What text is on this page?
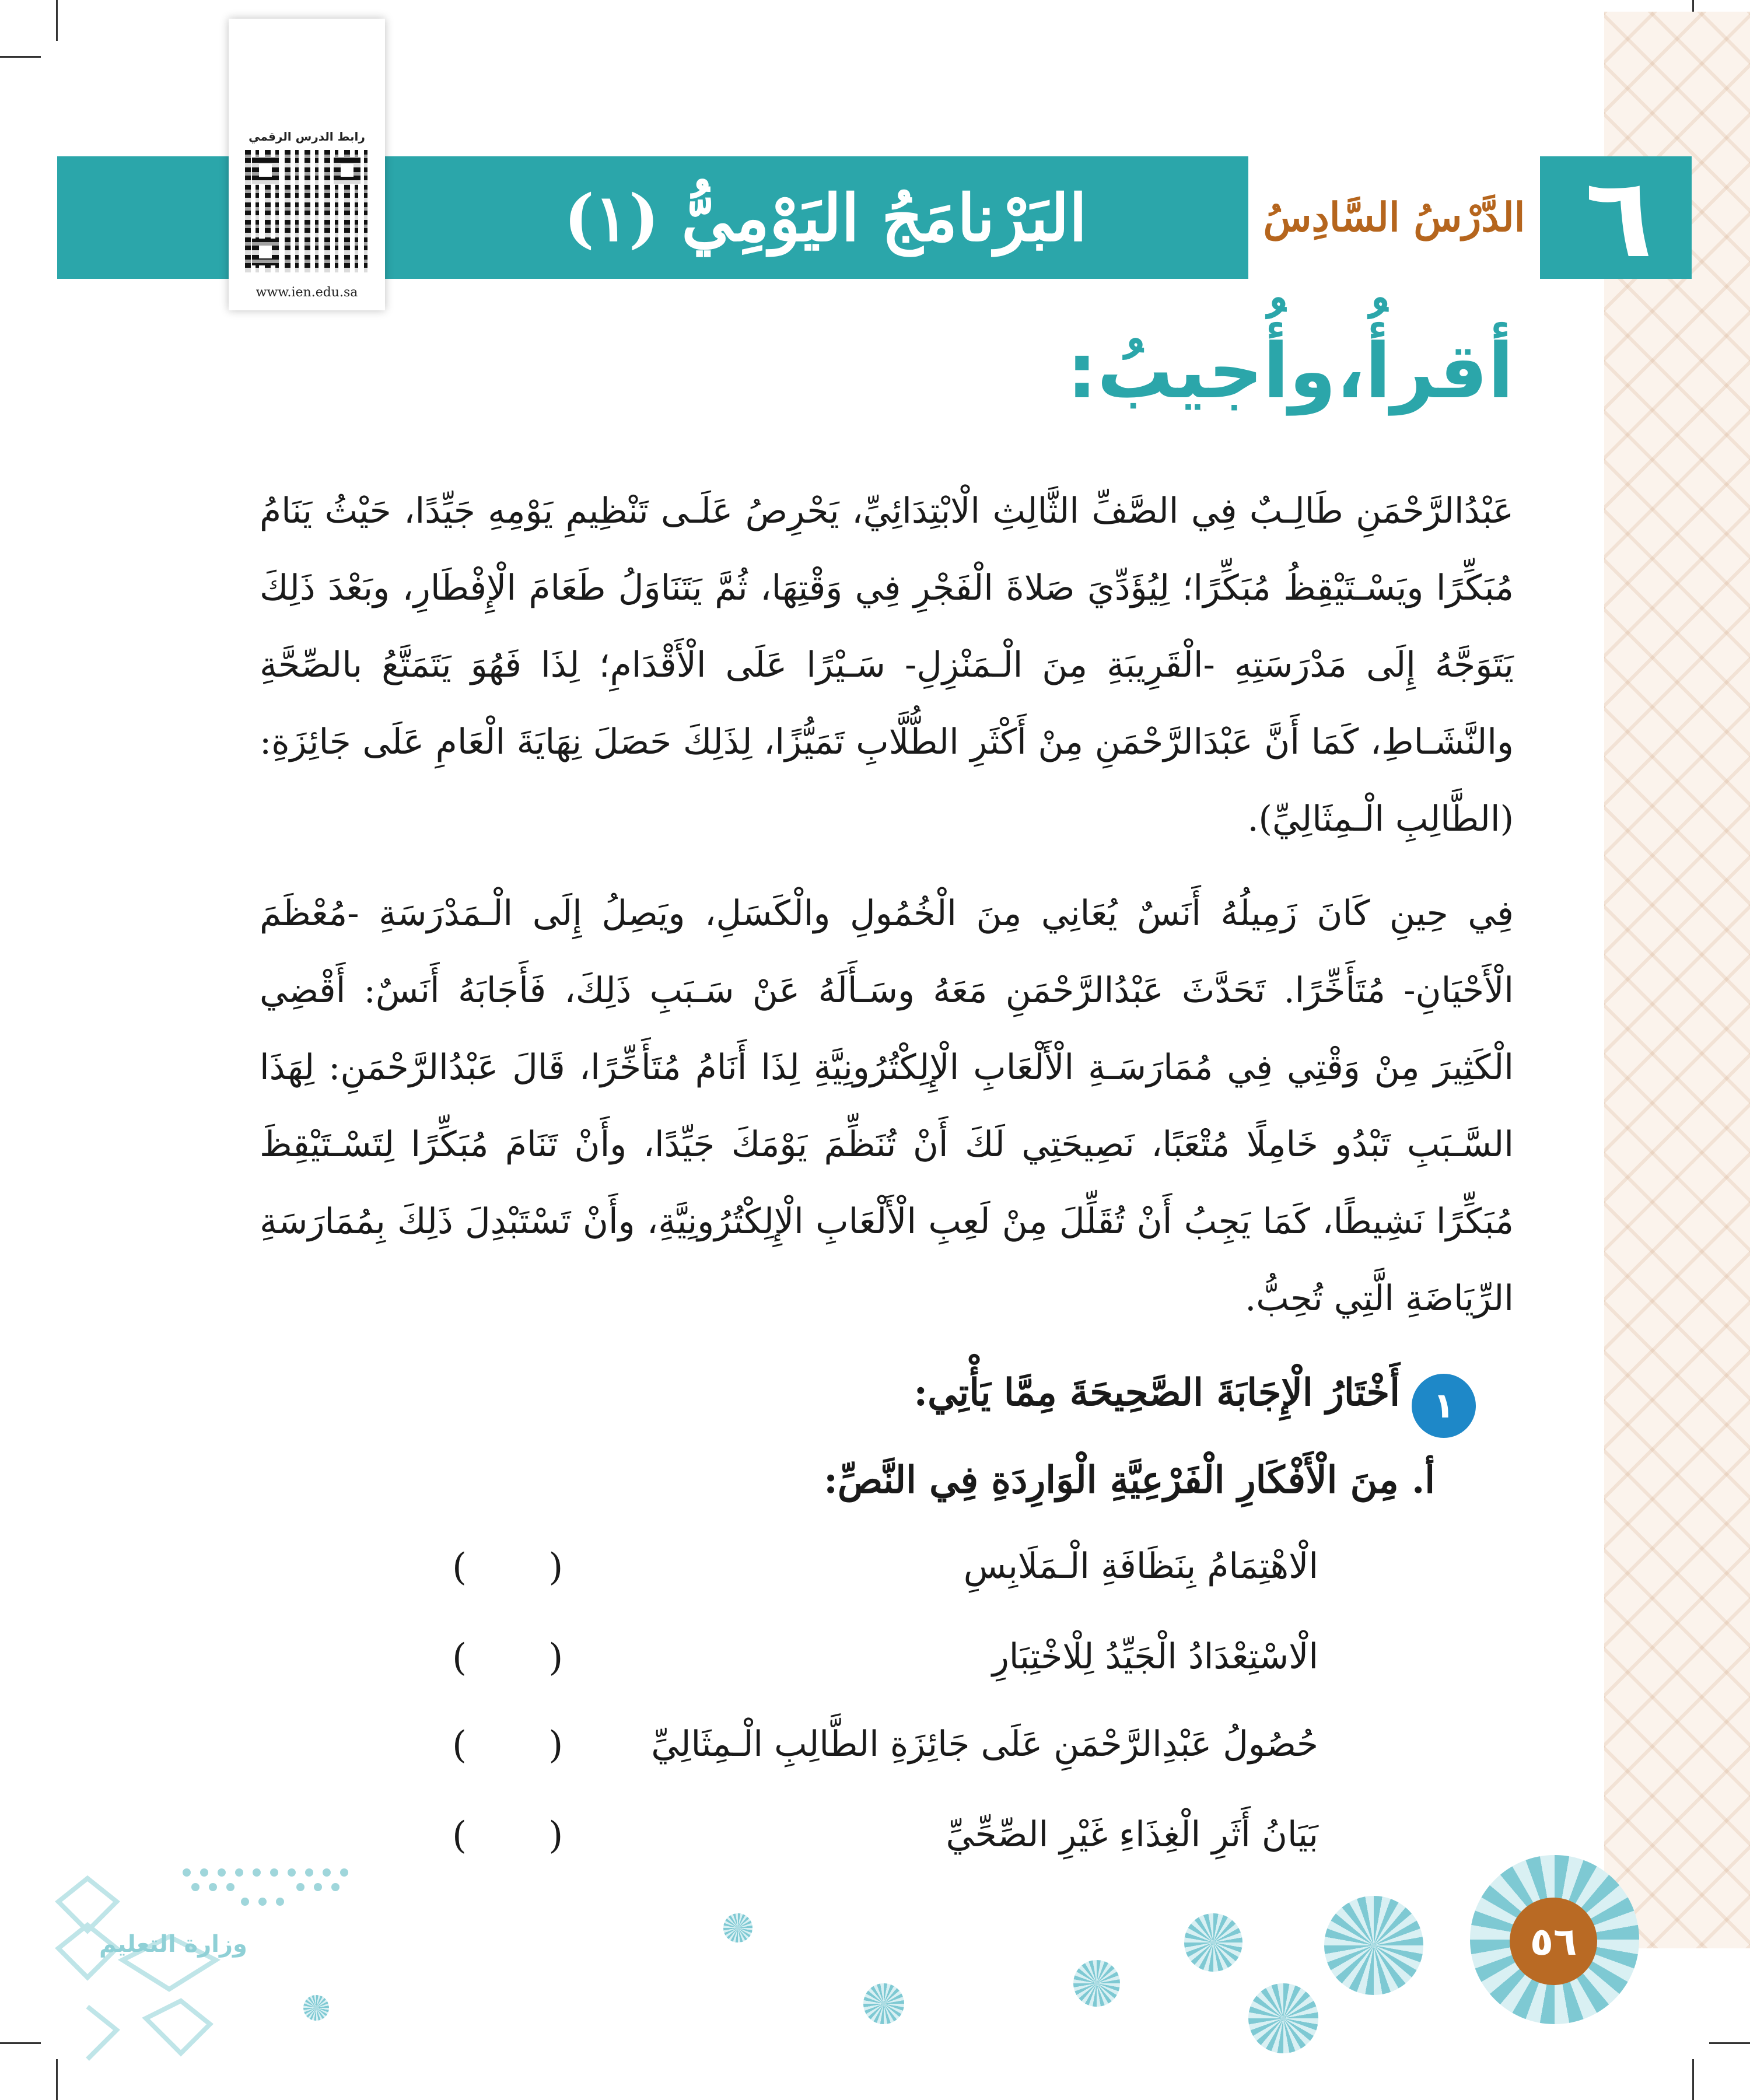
٦
الدَّرْسُ السَّادِسُ
البَرْنامَجُ اليَوْمِيُّ (١)
رابط الدرس الرقمي
www.ien.edu.sa
أقرأُ،وأُجيبُ:
عَبْدُالرَّحْمَنِ طَالِـبٌ فِي الصَّفِّ الثَّالِثِ الْابْتِدَائِيِّ، يَحْرِصُ عَلَـى تَنْظِيمِ يَوْمِهِ جَيِّدًا، حَيْثُ يَنَامُ مُبَكِّرًا ويَسْـتَيْقِظُ مُبَكِّرًا؛ لِيُؤَدِّيَ صَلاةَ الْفَجْرِ فِي وَقْتِهَا، ثُمَّ يَتَنَاوَلُ طَعَامَ الْإِفْطَارِ، وبَعْدَ ذَلِكَ يَتَوَجَّهُ إِلَى مَدْرَسَتِهِ -الْقَرِيبَةِ مِنَ الْـمَنْزِلِ- سَـيْرًا عَلَى الْأَقْدَامِ؛ لِذَا فَهُوَ يَتَمَتَّعُ بالصِّحَّةِ والنَّشَـاطِ، كَمَا أَنَّ عَبْدَالرَّحْمَنِ مِنْ أَكْثَرِ الطُّلَّابِ تَمَيُّزًا، لِذَلِكَ حَصَلَ نِهَايَةَ الْعَامِ عَلَى جَائِزَةِ: (الطَّالِبِ الْـمِثَالِيِّ).
فِي حِينِ كَانَ زَمِيلُهُ أَنَسٌ يُعَانِي مِنَ الْخُمُولِ والْكَسَلِ، ويَصِلُ إِلَى الْـمَدْرَسَةِ -مُعْظَمَ الْأَحْيَانِ- مُتَأَخِّرًا. تَحَدَّثَ عَبْدُالرَّحْمَنِ مَعَهُ وسَـأَلَهُ عَنْ سَـبَبِ ذَلِكَ، فَأَجَابَهُ أَنَسٌ: أَقْضِي الْكَثِيرَ مِنْ وَقْتِي فِي مُمَارَسَـةِ الْأَلْعَابِ الْإِلِكْتُرُونِيَّةِ لِذَا أَنَامُ مُتَأَخِّرًا، قَالَ عَبْدُالرَّحْمَنِ: لِهَذَا السَّـبَبِ تَبْدُو خَامِلًا مُتْعَبًا، نَصِيحَتِي لَكَ أَنْ تُنَظِّمَ يَوْمَكَ جَيِّدًا، وأَنْ تَنَامَ مُبَكِّرًا لِتَسْـتَيْقِظَ مُبَكِّرًا نَشِيطًا، كَمَا يَجِبُ أَنْ تُقَلِّلَ مِنْ لَعِبِ الْأَلْعَابِ الْإِلِكْتُرُونِيَّةِ، وأَنْ تَسْتَبْدِلَ ذَلِكَ بِمُمَارَسَةِ الرِّيَاضَةِ الَّتِي تُحِبُّ.
١
أَخْتَارُ الْإِجَابَةَ الصَّحِيحَةَ مِمَّا يَأْتِي:
أ. مِنَ الْأَفْكَارِ الْفَرْعِيَّةِ الْوَارِدَةِ فِي النَّصِّ:
الْاهْتِمَامُ بِنَظَافَةِ الْـمَلَابِسِ
( )
الْاسْتِعْدَادُ الْجَيِّدُ لِلْاخْتِبَارِ
( )
حُصُولُ عَبْدِالرَّحْمَنِ عَلَى جَائِزَةِ الطَّالِبِ الْـمِثَالِيِّ
( )
بَيَانُ أَثَرِ الْغِذَاءِ غَيْرِ الصِّحِّيِّ
( )
٥٦
وزارة التعليم
